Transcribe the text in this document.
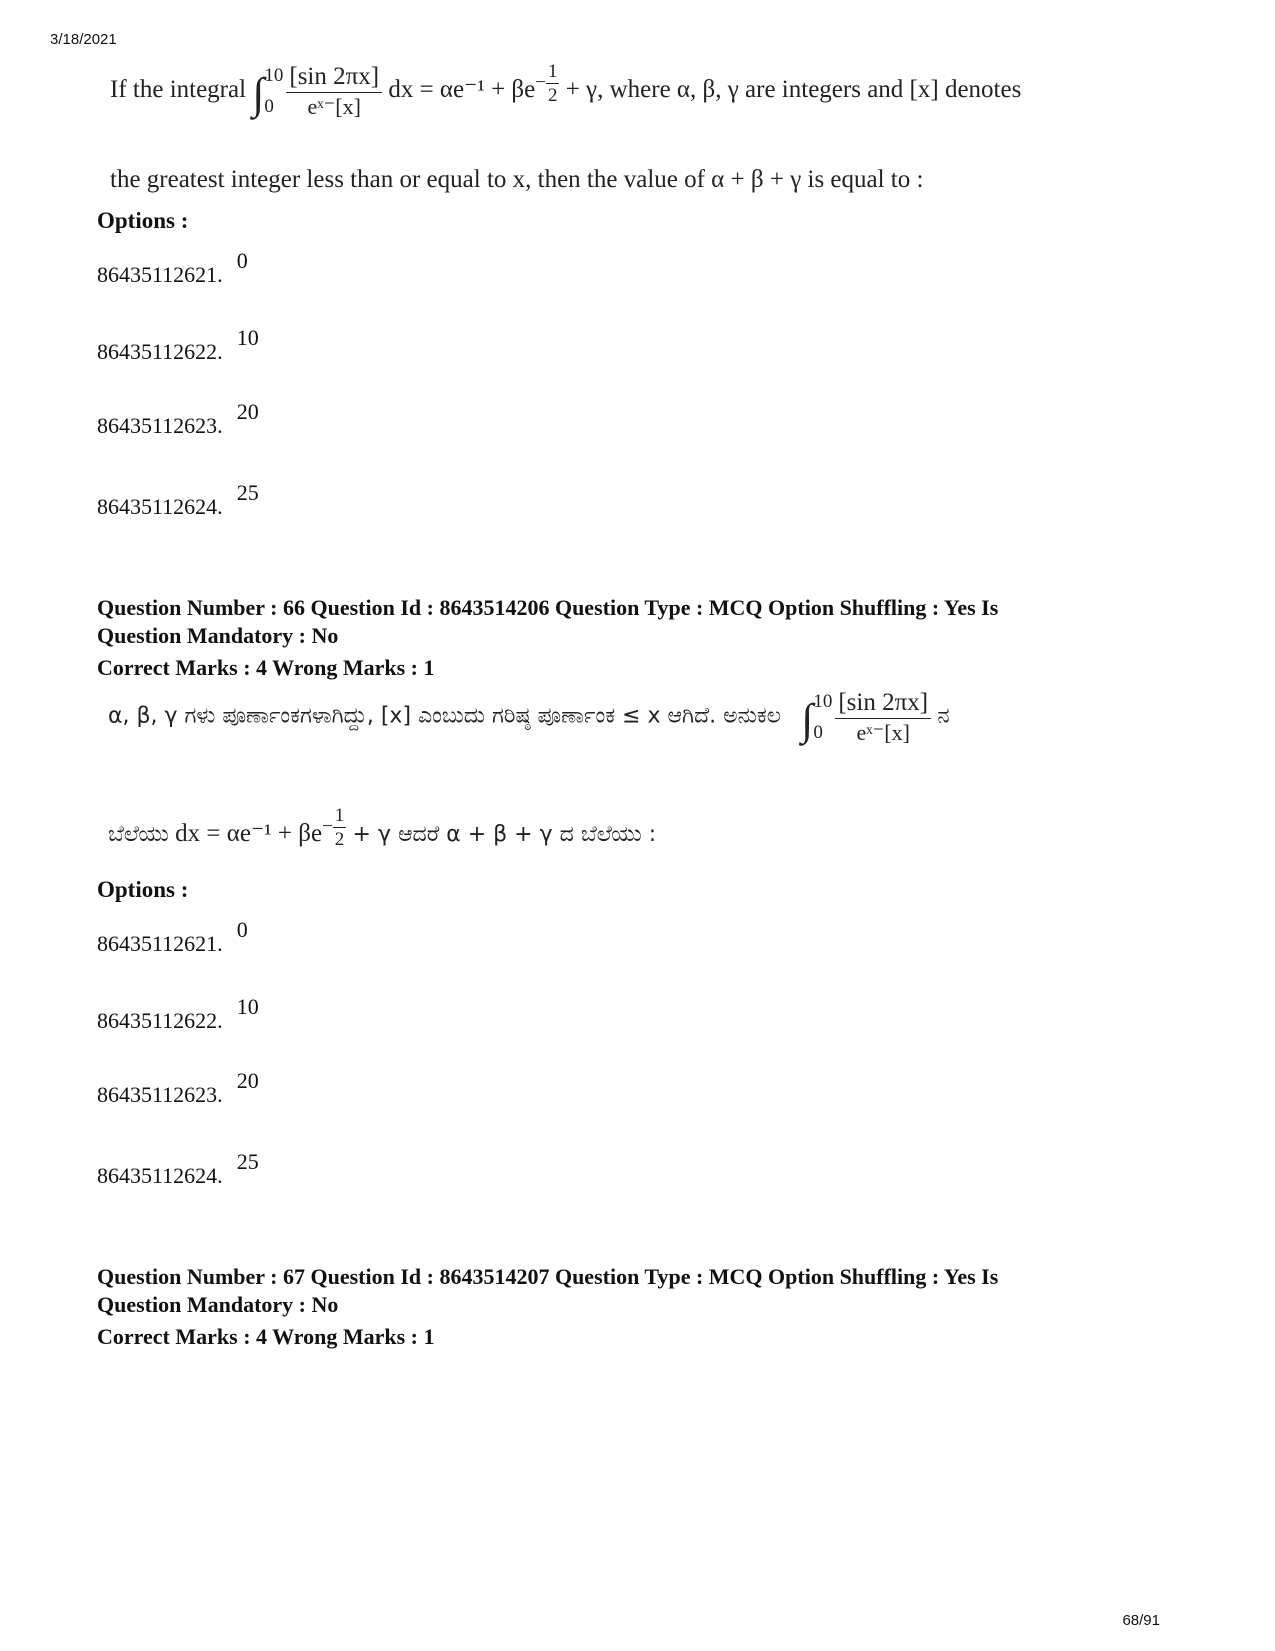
3/18/2021
If the integral ∫ 10
$0 \frac{[\sin 2\pi x]}{\text{eˣ⁻[x]}}$ dx = $\alpha e^{-1} + \beta e- \frac{1}{2} + \gamma$, where α, β, γ are integers and [x] denotes
the greatest integer less than or equal to x, then the value of α + β + γ is equal to :
Options :
86435112621.0
86435112622.10
86435112623.20
86435112624.25
Question Number : 66 Question Id : 8643514206 Question Type : MCQ Option Shuffling : Yes Is
Question Mandatory : No
Correct Marks : 4 Wrong Marks : 1
α, β, γ ಗಳು ಪೂರ್ಣಾಂಕಗಳಾಗಿದ್ದು, [x] ಎಂಬುದು ಗರಿಷ್ಠ ಪೂರ್ಣಾಂಕ ≤ x ಆಗಿದೆ. ಅನುಕಲ ∫ 10
$0 \frac{[\sin 2\pi x]}{\text{eˣ⁻[x]}}$ ನ
ಬೆಲೆಯು dx = $\alpha e^{-1} + \beta e- \frac{1}{2} + \gamma$ ಆದರೆ α + β + γ ದ ಬೆಲೆಯು :
Options :
86435112621.0
86435112622.10
86435112623.20
86435112624.25
Question Number : 67 Question Id : 8643514207 Question Type : MCQ Option Shuffling : Yes Is
Question Mandatory : No
Correct Marks : 4 Wrong Marks : 1
68/91
